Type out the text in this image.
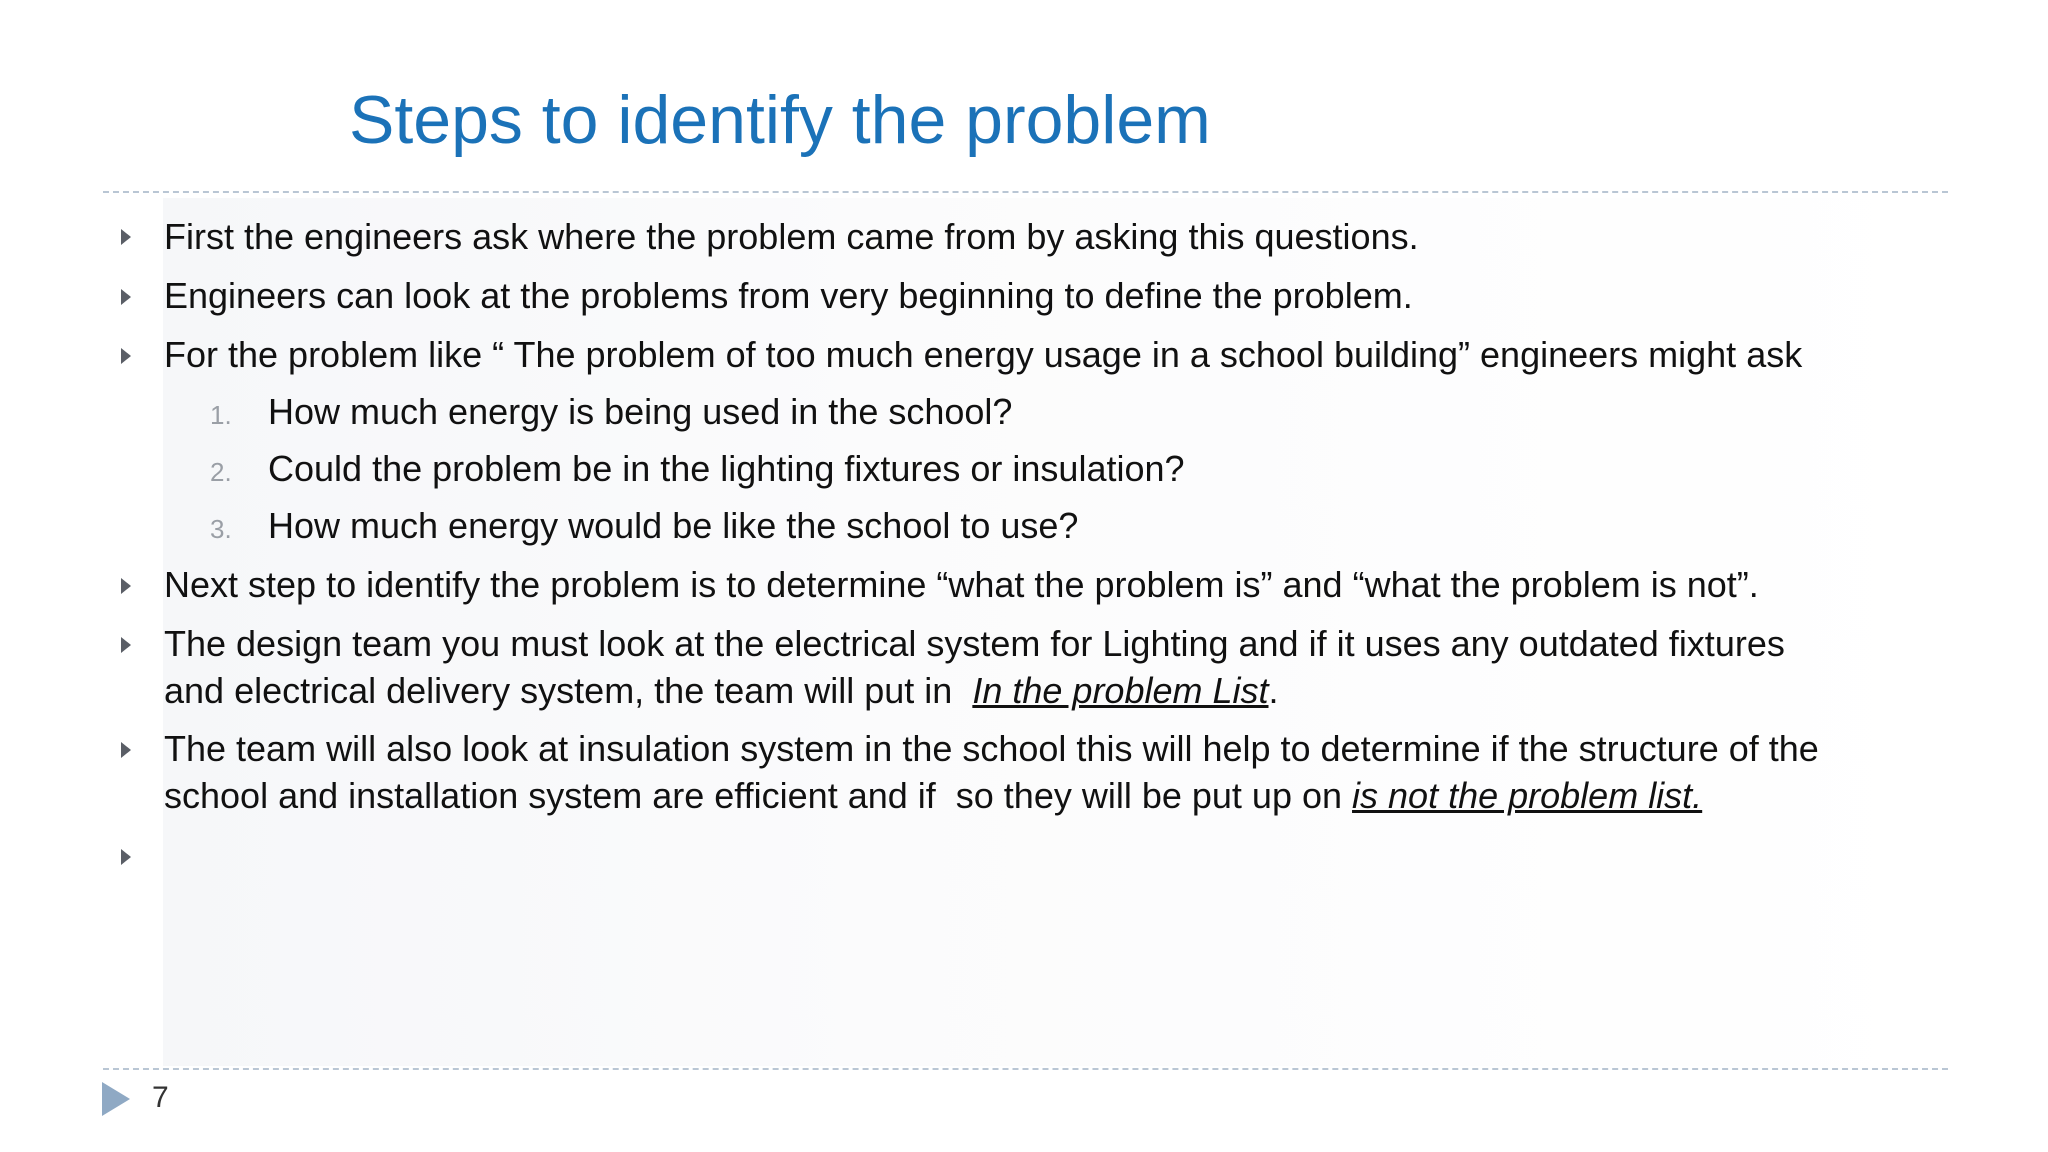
Steps to identify the problem
First the engineers ask where the problem came from by asking this questions.
Engineers can look at the problems from very beginning to define the problem.
For the problem like “ The problem of too much energy usage in a school building” engineers might ask
1. How much energy is being used in the school?
2. Could the problem be in the lighting fixtures or insulation?
3. How much energy would be like the school to use?
Next step to identify the problem is to determine “what the problem is” and “what the problem is not”.
The design team you must look at the electrical system for Lighting and if it uses any outdated fixtures
and electrical delivery system, the team will put in  In the problem List.
The team will also look at insulation system in the school this will help to determine if the structure of the
school and installation system are efficient and if  so they will be put up on is not the problem list.
7
